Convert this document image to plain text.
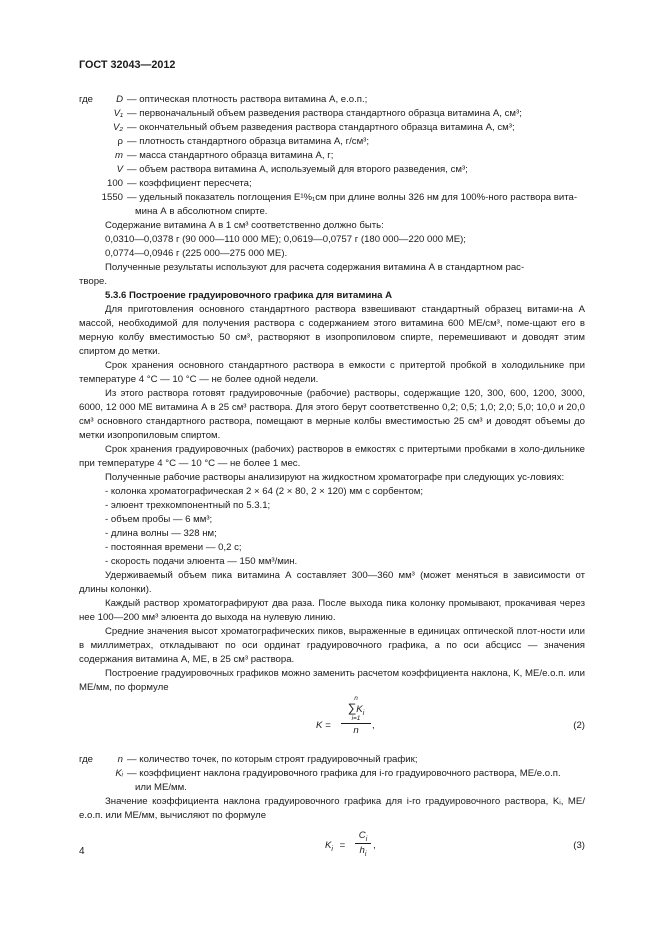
ГОСТ 32043—2012
где	D — оптическая плотность раствора витамина А, е.о.п.;
V₁ — первоначальный объем разведения раствора стандартного образца витамина А, см³;
V₂ — окончательный объем разведения раствора стандартного образца витамина А, см³;
ρ — плотность стандартного образца витамина А, г/см³;
m — масса стандартного образца витамина А, г;
V — объем раствора витамина А, используемый для второго разведения, см³;
100 — коэффициент пересчета;
1550 — удельный показатель поглощения E¹%₁см при длине волны 326 нм для 100%-ного раствора вита-
мина А в абсолютном спирте.
Содержание витамина А в 1 см³ соответственно должно быть:
0,0310—0,0378 г (90 000—110 000 МЕ); 0,0619—0,0757 г (180 000—220 000 МЕ);
0,0774—0,0946 г (225 000—275 000 МЕ).
Полученные результаты используют для расчета содержания витамина А в стандартном рас-
творе.
5.3.6 Построение градуировочного графика для витамина А
Для приготовления основного стандартного раствора взвешивают стандартный образец витами-на А массой, необходимой для получения раствора с содержанием этого витамина 600 МЕ/см³, поме-щают его в мерную колбу вместимостью 50 см³, растворяют в изопропиловом спирте, перемешивают и доводят этим спиртом до метки.
Срок хранения основного стандартного раствора в емкости с притертой пробкой в холодильнике при температуре 4 °С — 10 °С — не более одной недели.
Из этого раствора готовят градуировочные (рабочие) растворы, содержащие 120, 300, 600, 1200, 3000, 6000, 12 000 МЕ витамина А в 25 см³ раствора. Для этого берут соответственно 0,2; 0,5; 1,0; 2,0; 5,0; 10,0 и 20,0 см³ основного стандартного раствора, помещают в мерные колбы вместимостью 25 см³ и доводят объемы до метки изопропиловым спиртом.
Срок хранения градуировочных (рабочих) растворов в емкостях с притертыми пробками в холо-дильнике при температуре 4 °С — 10 °С — не более 1 мес.
Полученные рабочие растворы анализируют на жидкостном хроматографе при следующих ус-ловиях:
- колонка хроматографическая 2 × 64 (2 × 80, 2 × 120) мм с сорбентом;
- элюент трехкомпонентный по 5.3.1;
- объем пробы — 6 мм³;
- длина волны — 328 нм;
- постоянная времени — 0,2 с;
- скорость подачи элюента — 150 мм³/мин.
Удерживаемый объем пика витамина А составляет 300—360 мм³ (может меняться в зависимости от длины колонки).
Каждый раствор хроматографируют два раза. После выхода пика колонку промывают, прокачивая через нее 100—200 мм³ элюента до выхода на нулевую линию.
Средние значения высот хроматографических пиков, выраженные в единицах оптической плот-ности или в миллиметрах, откладывают по оси ординат градуировочного графика, а по оси абсцисс — значения содержания витамина А, МЕ, в 25 см³ раствора.
Построение градуировочных графиков можно заменить расчетом коэффициента наклона, K, МЕ/е.о.п. или МЕ/мм, по формуле
K =
n
$\sum K_i$
i=1
n	,	(2)
где	n — количество точек, по которым строят градуировочный график;
Kᵢ — коэффициент наклона градуировочного графика для i-го градуировочного раствора, МЕ/е.о.п.
или МЕ/мм.
Значение коэффициента наклона градуировочного графика для i-го градуировочного раствора, Kᵢ, МЕ/е.о.п. или МЕ/мм, вычисляют по формуле
$K_i$ =
$C_i$
$h_i$
,	(3)
4
